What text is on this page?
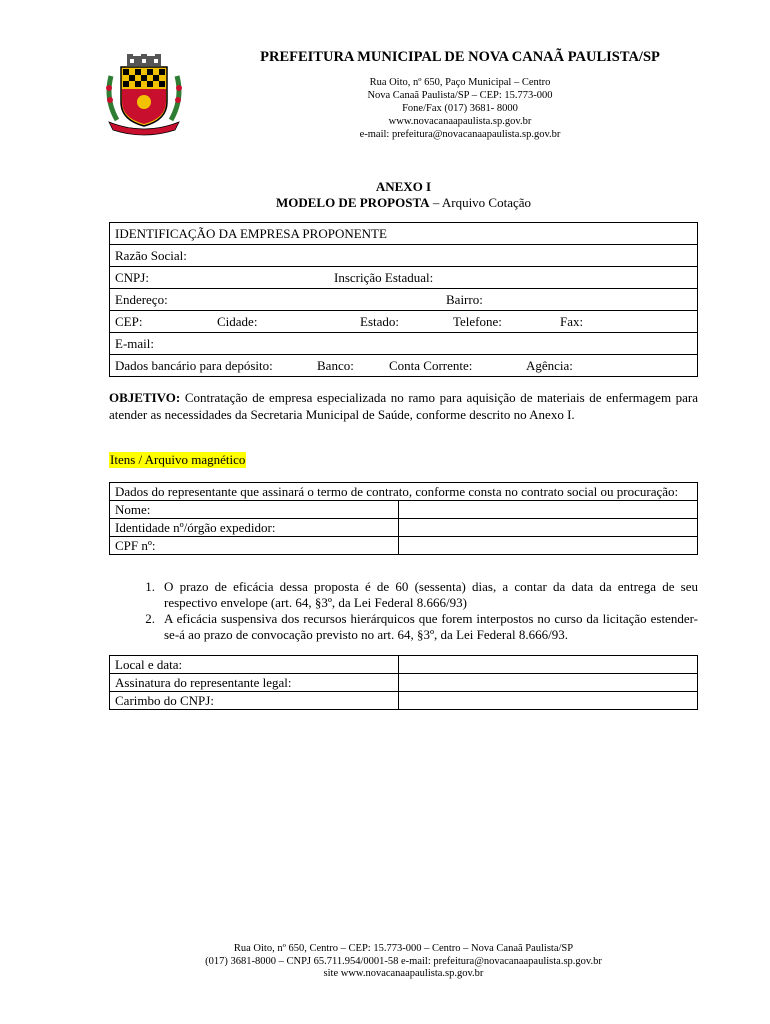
PREFEITURA MUNICIPAL DE NOVA CANAÃ PAULISTA/SP
Rua Oito, nº 650, Paço Municipal – Centro
Nova Canaã Paulista/SP – CEP: 15.773-000
Fone/Fax (017) 3681- 8000
www.novacanaapaulista.sp.gov.br
e-mail: prefeitura@novacanaapaulista.sp.gov.br
ANEXO I
MODELO DE PROPOSTA – Arquivo Cotação
IDENTIFICAÇÃO DA EMPRESA PROPONENTE
Razão Social:

CNPJ:	Inscrição Estadual:

Endereço:	Bairro:

CEP:	Cidade:	Estado:	Telefone:	Fax:

E-mail:

Dados bancário para depósito:	Banco:	Conta Corrente:	Agência:
OBJETIVO: Contratação de empresa especializada no ramo para aquisição de materiais de enfermagem para atender as necessidades da Secretaria Municipal de Saúde, conforme descrito no Anexo I.
Itens / Arquivo magnético
Dados do representante que assinará o termo de contrato, conforme consta no contrato social ou procuração:	
Nome:	
Identidade nº/órgão expedidor:	
CPF nº:	
1. O prazo de eficácia dessa proposta é de 60 (sessenta) dias, a contar da data da entrega de seu respectivo envelope (art. 64, §3º, da Lei Federal 8.666/93)
2. A eficácia suspensiva dos recursos hierárquicos que forem interpostos no curso da licitação estender-se-á ao prazo de convocação previsto no art. 64, §3º, da Lei Federal 8.666/93.
Local e data:	
Assinatura do representante legal:	
Carimbo do CNPJ:	
Rua Oito, nº 650, Centro – CEP: 15.773-000 – Centro – Nova Canaã Paulista/SP
(017) 3681-8000 – CNPJ 65.711.954/0001-58 e-mail: prefeitura@novacanaapaulista.sp.gov.br
site www.novacanaapaulista.sp.gov.br
